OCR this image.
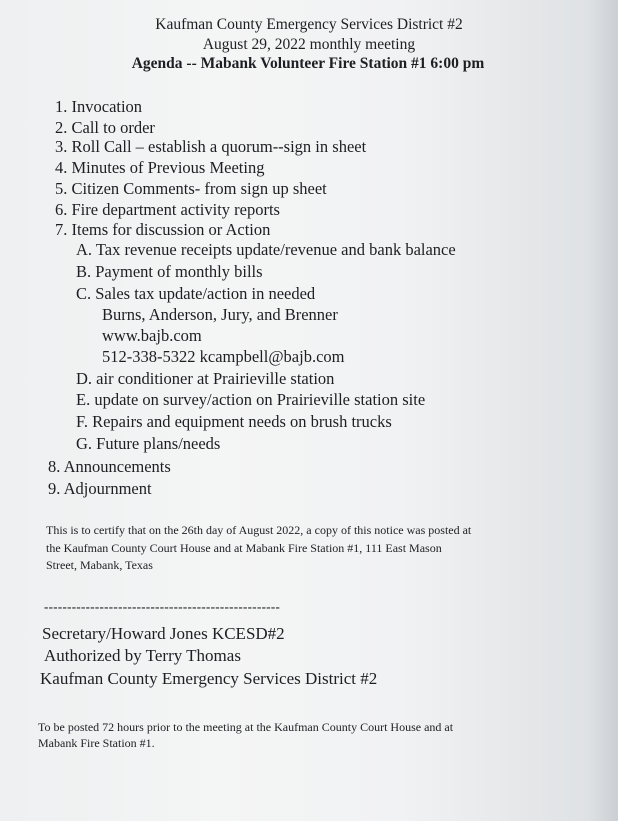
Kaufman County Emergency Services District #2
August 29, 2022 monthly meeting
Agenda -- Mabank Volunteer Fire Station #1 6:00 pm
1. Invocation
2. Call to order
3. Roll Call – establish a quorum--sign in sheet
4. Minutes of Previous Meeting
5. Citizen Comments- from sign up sheet
6. Fire department activity reports
7. Items for discussion or Action
A. Tax revenue receipts update/revenue and bank balance
B. Payment of monthly bills
C. Sales tax update/action in needed
Burns, Anderson, Jury, and Brenner
www.bajb.com
512-338-5322 kcampbell@bajb.com
D. air conditioner at Prairieville station
E. update on survey/action on Prairieville station site
F. Repairs and equipment needs on brush trucks
G. Future plans/needs
8. Announcements
9. Adjournment
This is to certify that on the 26th day of August 2022, a copy of this notice was posted at
the Kaufman County Court House and at Mabank Fire Station #1, 111 East Mason
Street, Mabank, Texas
---------------------------------------------------
Secretary/Howard Jones KCESD#2
Authorized by Terry Thomas
Kaufman County Emergency Services District #2
To be posted 72 hours prior to the meeting at the Kaufman County Court House and at
Mabank Fire Station #1.
